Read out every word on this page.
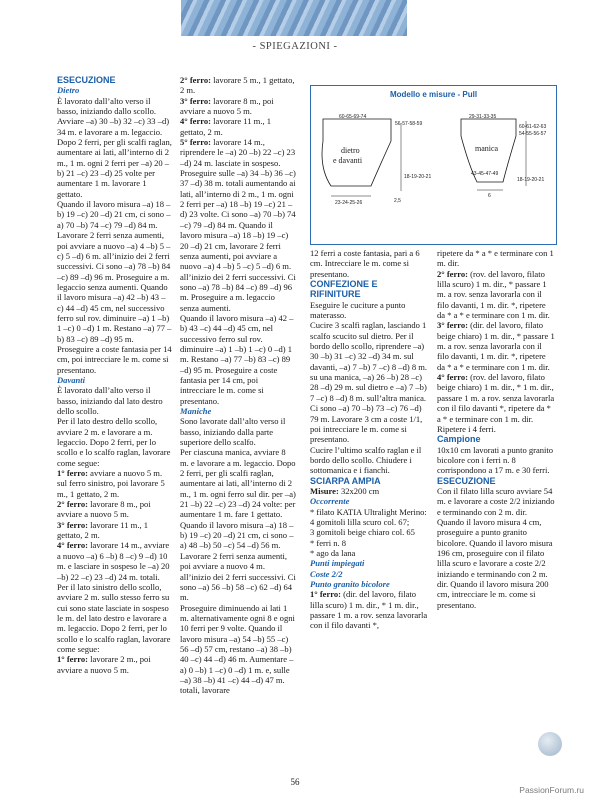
- SPIEGAZIONI -

ESECUZIONE

Dietro

È lavorato dall’alto verso il basso, iniziando dallo scollo. Avviare –a) 30 –b) 32 –c) 33 –d) 34 m. e lavorare a m. legaccio. Dopo 2 ferri, per gli scalfi raglan, aumentare ai lati, all’interno di 2 m., 1 m. ogni 2 ferri per –a) 20 –b) 21 –c) 23 –d) 25 volte per aumentare 1 m. lavorare 1 gettato.

Quando il lavoro misura –a) 18 –b) 19 –c) 20 –d) 21 cm, ci sono –a) 70 –b) 74 –c) 79 –d) 84 m. Lavorare 2 ferri senza aumenti, poi avviare a nuovo –a) 4 –b) 5 –c) 5 –d) 6 m. all’inizio dei 2 ferri successivi. Ci sono –a) 78 –b) 84 –c) 89 –d) 96 m. Proseguire a m. legaccio senza aumenti. Quando il lavoro misura –a) 42 –b) 43 –c) 44 –d) 45 cm, nel successivo ferro sul rov. diminuire –a) 1 –b) 1 –c) 0 –d) 1 m. Restano –a) 77 –b) 83 –c) 89 –d) 95 m. Proseguire a coste fantasia per 14 cm, poi intrecciare le m. come si presentano.

Davanti

È lavorato dall’alto verso il basso, iniziando dal lato destro dello scollo.

Per il lato destro dello scollo, avviare 2 m. e lavorare a m. legaccio. Dopo 2 ferri, per lo scollo e lo scalfo raglan, lavorare come segue:

1° ferro: avviare a nuovo 5 m. sul ferro sinistro, poi lavorare 5 m., 1 gettato, 2 m.

2° ferro: lavorare 8 m., poi avviare a nuovo 5 m.

3° ferro: lavorare 11 m., 1 gettato, 2 m.

4° ferro: lavorare 14 m., avviare a nuovo –a) 6 –b) 8 –c) 9 –d) 10 m. e lasciare in sospeso le –a) 20 –b) 22 –c) 23 –d) 24 m. totali.

Per il lato sinistro dello scollo, avviare 2 m. sullo stesso ferro su cui sono state lasciate in sospeso le m. del lato destro e lavorare a m. legaccio. Dopo 2 ferri, per lo scollo e lo scalfo raglan, lavorare come segue:

1° ferro: lavorare 2 m., poi avviare a nuovo 5 m.

2° ferro: lavorare 5 m., 1 gettato, 2 m.

3° ferro: lavorare 8 m., poi avviare a nuovo 5 m.

4° ferro: lavorare 11 m., 1 gettato, 2 m.

5° ferro: lavorare 14 m., riprendere le –a) 20 –b) 22 –c) 23 –d) 24 m. lasciate in sospeso.

Proseguire sulle –a) 34 –b) 36 –c) 37 –d) 38 m. totali aumentando ai lati, all’interno di 2 m., 1 m. ogni 2 ferri per –a) 18 –b) 19 –c) 21 –d) 23 volte. Ci sono –a) 70 –b) 74 –c) 79 –d) 84 m. Quando il lavoro misura –a) 18 –b) 19 –c) 20 –d) 21 cm, lavorare 2 ferri senza aumenti, poi avviare a nuovo –a) 4 –b) 5 –c) 5 –d) 6 m. all’inizio dei 2 ferri successivi. Ci sono –a) 78 –b) 84 –c) 89 –d) 96 m. Proseguire a m. legaccio senza aumenti.

Quando il lavoro misura –a) 42 –b) 43 –c) 44 –d) 45 cm, nel successivo ferro sul rov. diminuire –a) 1 –b) 1 –c) 0 –d) 1 m. Restano –a) 77 –b) 83 –c) 89 –d) 95 m. Proseguire a coste fantasia per 14 cm, poi intrecciare le m. come si presentano.

Maniche

Sono lavorate dall’alto verso il basso, iniziando dalla parte superiore dello scalfo.

Per ciascuna manica, avviare 8 m. e lavorare a m. legaccio. Dopo 2 ferri, per gli scalfi raglan, aumentare ai lati, all’interno di 2 m., 1 m. ogni ferro sul dir. per –a) 21 –b) 22 –c) 23 –d) 24 volte: per aumentare 1 m. fare 1 gettato. Quando il lavoro misura –a) 18 –b) 19 –c) 20 –d) 21 cm, ci sono –a) 48 –b) 50 –c) 54 –d) 56 m. Lavorare 2 ferri senza aumenti, poi avviare a nuovo 4 m. all’inizio dei 2 ferri successivi. Ci sono –a) 56 –b) 58 –c) 62 –d) 64 m.

Proseguire diminuendo ai lati 1 m. alternativamente ogni 8 e ogni 10 ferri per 9 volte. Quando il lavoro misura –a) 54 –b) 55 –c) 56 –d) 57 cm, restano –a) 38 –b) 40 –c) 44 –d) 46 m. Aumentare –a) 0 –b) 1 –c) 0 –d) 1 m. e, sulle –a) 38 –b) 41 –c) 44 –d) 47 m. totali, lavorare

Modello e misure - Pull
60-65-69-74
56-57-58-59
dietro
e davanti
18-19-20-21
2,5
23-24-25-26
29-31-33-35
60-61-62-63
54-55-56-57
manica
43-45-47-49
18-19-20-21
6

12 ferri a coste fantasia, pari a 6 cm. Intrecciare le m. come si presentano.

CONFEZIONE E RIFINITURE

Eseguire le cuciture a punto materasso.

Cucire 3 scalfi raglan, lasciando 1 scalfo scucito sul dietro. Per il bordo dello scollo, riprendere –a) 30 –b) 31 –c) 32 –d) 34 m. sul davanti, –a) 7 –b) 7 –c) 8 –d) 8 m. su una manica, –a) 26 –b) 28 –c) 28 –d) 29 m. sul dietro e –a) 7 –b) 7 –c) 8 –d) 8 m. sull’altra manica. Ci sono –a) 70 –b) 73 –c) 76 –d) 79 m. Lavorare 3 cm a coste 1/1, poi intrecciare le m. come si presentano.

Cucire l’ultimo scalfo raglan e il bordo dello scollo. Chiudere i sottomanica e i fianchi.

SCIARPA AMPIA

Misure: 32x200 cm

Occorrente

* filato KATIA Ultralight Merino:

4 gomitoli lilla scuro col. 67;

3 gomitoli beige chiaro col. 65

* ferri n. 8

* ago da lana

Punti impiegati

Coste 2/2

Punto granito bicolore

1° ferro: (dir. del lavoro, filato lilla scuro) 1 m. dir., * 1 m. dir., passare 1 m. a rov. senza lavorarla con il filo davanti *,

ripetere da * a * e terminare con 1 m. dir.

2° ferro: (rov. del lavoro, filato lilla scuro) 1 m. dir., * passare 1 m. a rov. senza lavorarla con il filo davanti, 1 m. dir. *, ripetere da * a * e terminare con 1 m. dir.

3° ferro: (dir. del lavoro, filato beige chiaro) 1 m. dir., * passare 1 m. a rov. senza lavorarla con il filo davanti, 1 m. dir. *, ripetere da * a * e terminare con 1 m. dir.

4° ferro: (rov. del lavoro, filato beige chiaro) 1 m. dir., * 1 m. dir., passare 1 m. a rov. senza lavorarla con il filo davanti *, ripetere da * a * e terminare con 1 m. dir.

Ripetere i 4 ferri.

Campione

10x10 cm lavorati a punto granito bicolore con i ferri n. 8 corrispondono a 17 m. e 30 ferri.

ESECUZIONE

Con il filato lilla scuro avviare 54 m. e lavorare a coste 2/2 iniziando e terminando con 2 m. dir. Quando il lavoro misura 4 cm, proseguire a punto granito bicolore. Quando il lavoro misura 196 cm, proseguire con il filato lilla scuro e lavorare a coste 2/2 iniziando e terminando con 2 m. dir. Quando il lavoro misura 200 cm, intrecciare le m. come si presentano.

56
PassionForum.ru
